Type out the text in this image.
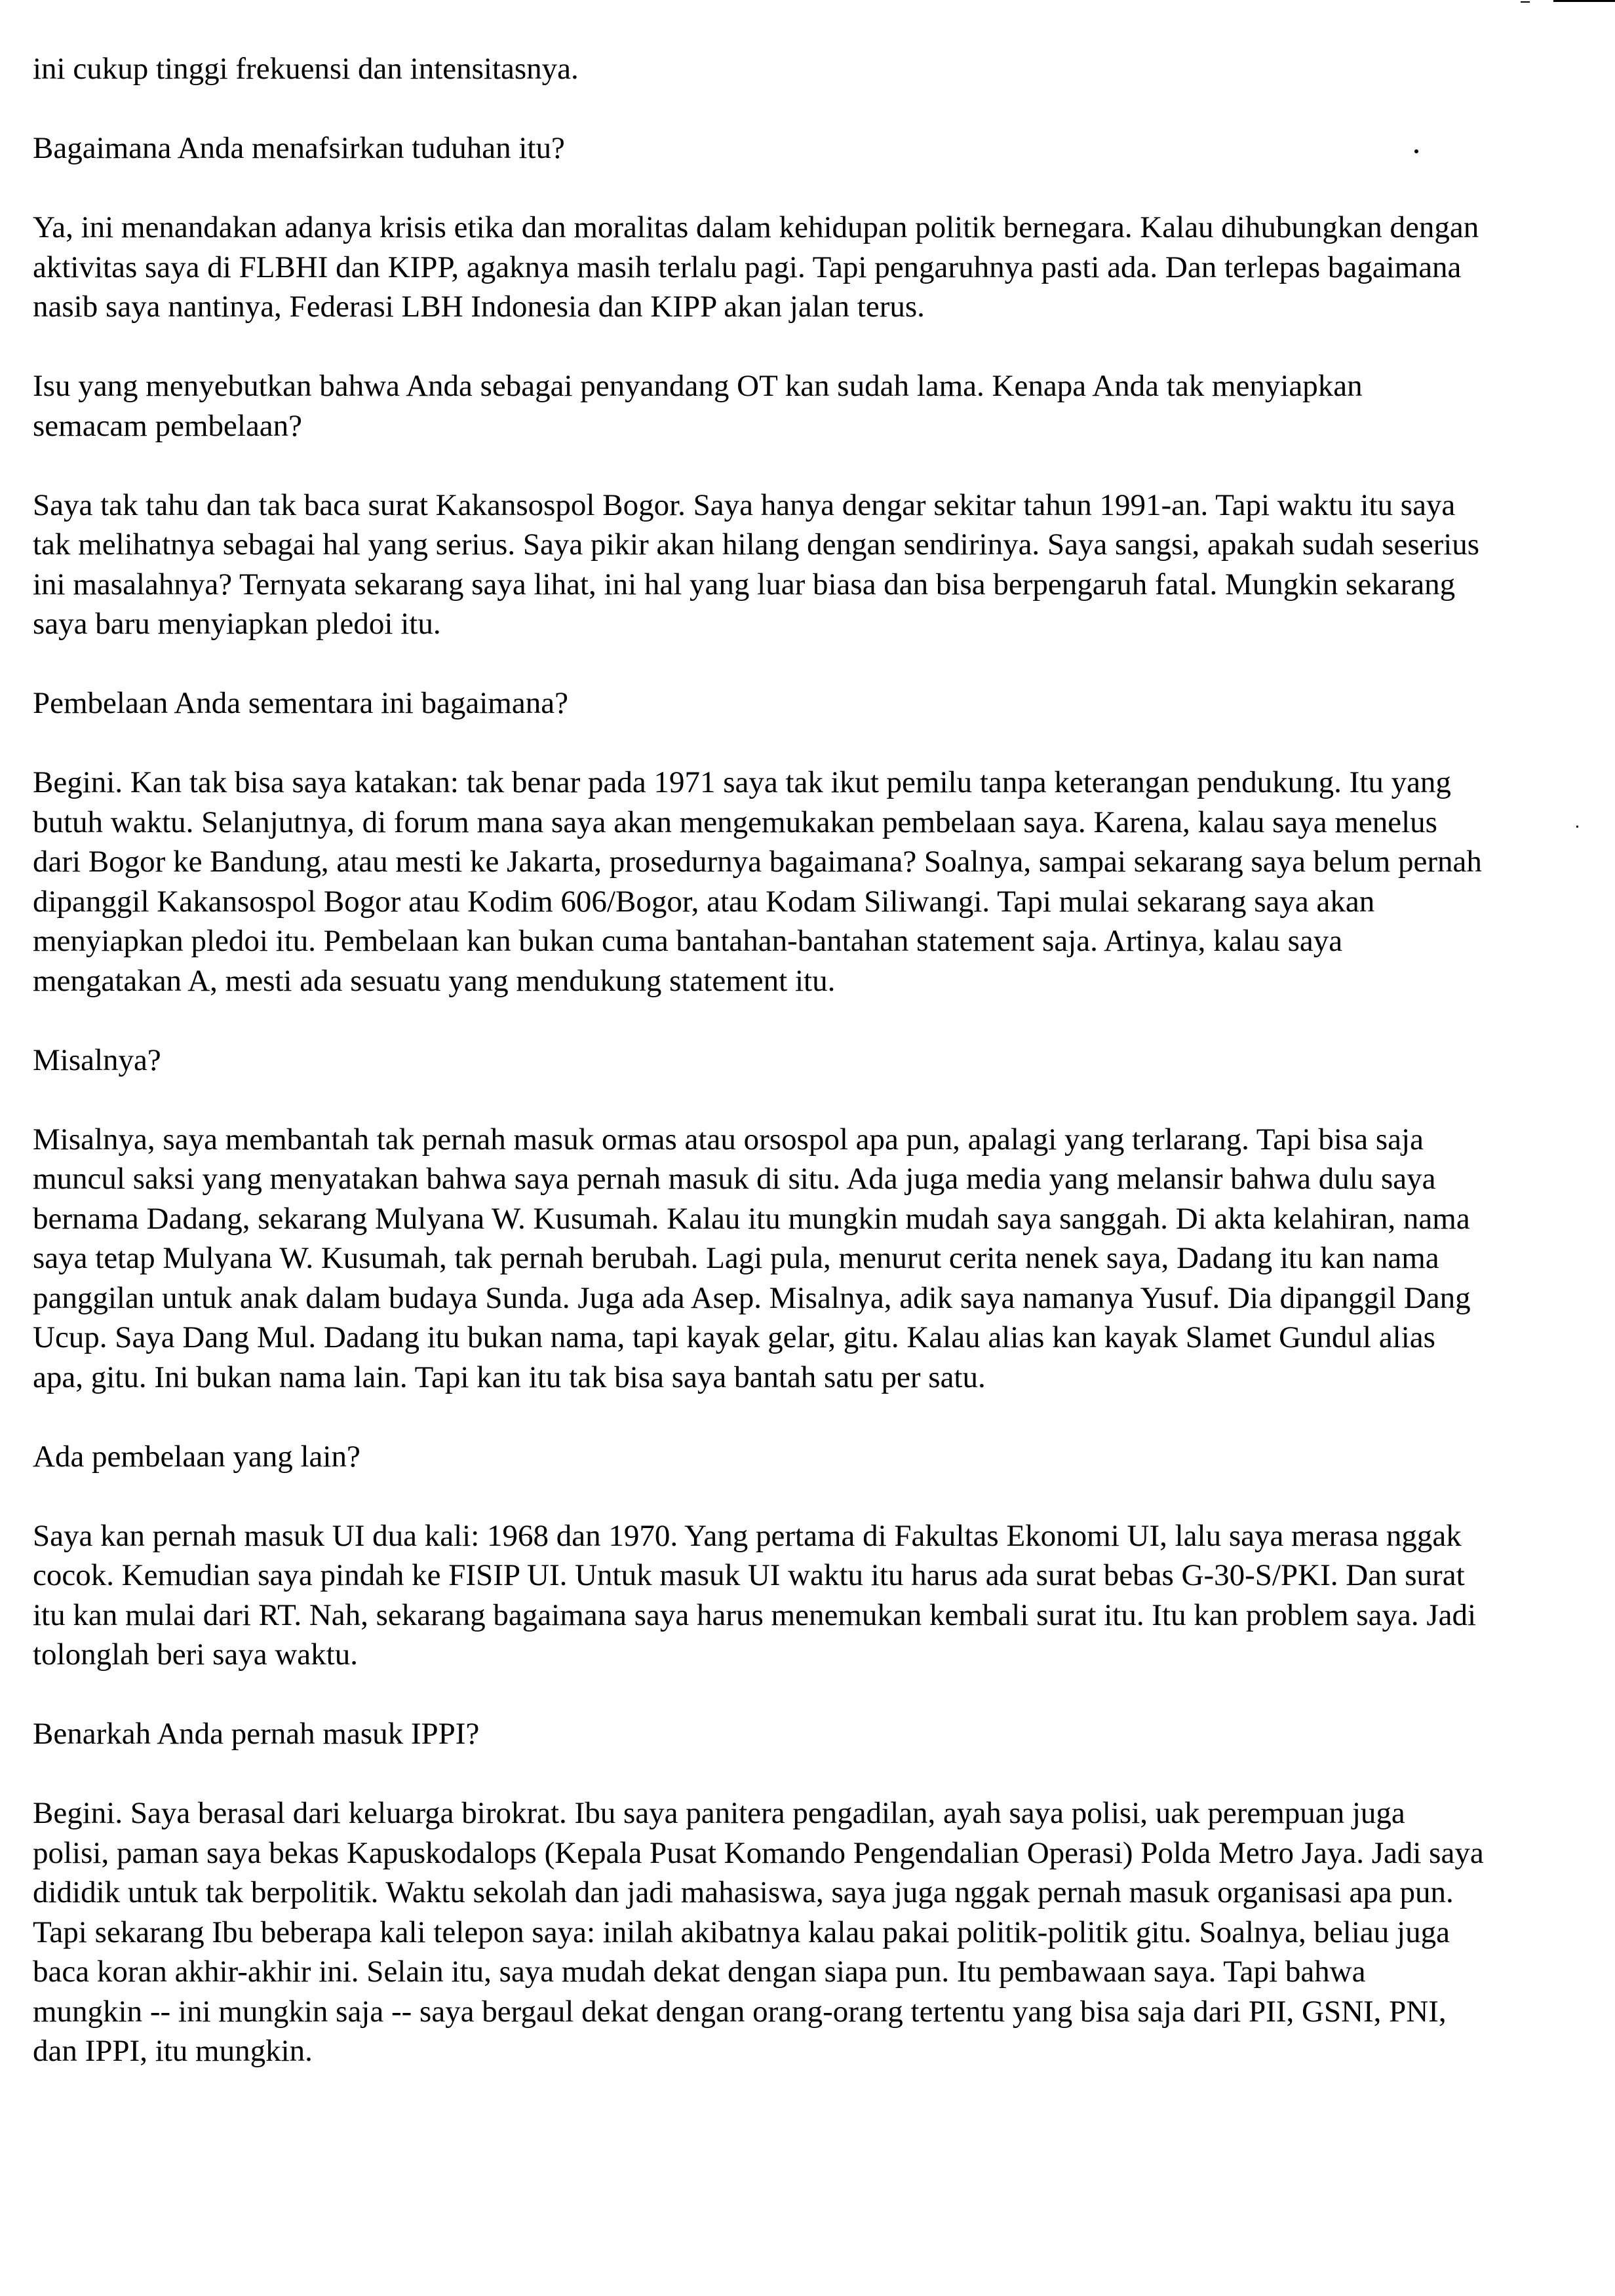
ini cukup tinggi frekuensi dan intensitasnya.
Bagaimana Anda menafsirkan tuduhan itu?
Ya, ini menandakan adanya krisis etika dan moralitas dalam kehidupan politik bernegara. Kalau dihubungkan dengan
aktivitas saya di FLBHI dan KIPP, agaknya masih terlalu pagi. Tapi pengaruhnya pasti ada. Dan terlepas bagaimana
nasib saya nantinya, Federasi LBH Indonesia dan KIPP akan jalan terus.
Isu yang menyebutkan bahwa Anda sebagai penyandang OT kan sudah lama. Kenapa Anda tak menyiapkan
semacam pembelaan?
Saya tak tahu dan tak baca surat Kakansospol Bogor. Saya hanya dengar sekitar tahun 1991-an. Tapi waktu itu saya
tak melihatnya sebagai hal yang serius. Saya pikir akan hilang dengan sendirinya. Saya sangsi, apakah sudah seserius
ini masalahnya? Ternyata sekarang saya lihat, ini hal yang luar biasa dan bisa berpengaruh fatal. Mungkin sekarang
saya baru menyiapkan pledoi itu.
Pembelaan Anda sementara ini bagaimana?
Begini. Kan tak bisa saya katakan: tak benar pada 1971 saya tak ikut pemilu tanpa keterangan pendukung. Itu yang
butuh waktu. Selanjutnya, di forum mana saya akan mengemukakan pembelaan saya. Karena, kalau saya menelus
dari Bogor ke Bandung, atau mesti ke Jakarta, prosedurnya bagaimana? Soalnya, sampai sekarang saya belum pernah
dipanggil Kakansospol Bogor atau Kodim 606/Bogor, atau Kodam Siliwangi. Tapi mulai sekarang saya akan
menyiapkan pledoi itu. Pembelaan kan bukan cuma bantahan-bantahan statement saja. Artinya, kalau saya
mengatakan A, mesti ada sesuatu yang mendukung statement itu.
Misalnya?
Misalnya, saya membantah tak pernah masuk ormas atau orsospol apa pun, apalagi yang terlarang. Tapi bisa saja
muncul saksi yang menyatakan bahwa saya pernah masuk di situ. Ada juga media yang melansir bahwa dulu saya
bernama Dadang, sekarang Mulyana W. Kusumah. Kalau itu mungkin mudah saya sanggah. Di akta kelahiran, nama
saya tetap Mulyana W. Kusumah, tak pernah berubah. Lagi pula, menurut cerita nenek saya, Dadang itu kan nama
panggilan untuk anak dalam budaya Sunda. Juga ada Asep. Misalnya, adik saya namanya Yusuf. Dia dipanggil Dang
Ucup. Saya Dang Mul. Dadang itu bukan nama, tapi kayak gelar, gitu. Kalau alias kan kayak Slamet Gundul alias
apa, gitu. Ini bukan nama lain. Tapi kan itu tak bisa saya bantah satu per satu.
Ada pembelaan yang lain?
Saya kan pernah masuk UI dua kali: 1968 dan 1970. Yang pertama di Fakultas Ekonomi UI, lalu saya merasa nggak
cocok. Kemudian saya pindah ke FISIP UI. Untuk masuk UI waktu itu harus ada surat bebas G-30-S/PKI. Dan surat
itu kan mulai dari RT. Nah, sekarang bagaimana saya harus menemukan kembali surat itu. Itu kan problem saya. Jadi
tolonglah beri saya waktu.
Benarkah Anda pernah masuk IPPI?
Begini. Saya berasal dari keluarga birokrat. Ibu saya panitera pengadilan, ayah saya polisi, uak perempuan juga
polisi, paman saya bekas Kapuskodalops (Kepala Pusat Komando Pengendalian Operasi) Polda Metro Jaya. Jadi saya
dididik untuk tak berpolitik. Waktu sekolah dan jadi mahasiswa, saya juga nggak pernah masuk organisasi apa pun.
Tapi sekarang Ibu beberapa kali telepon saya: inilah akibatnya kalau pakai politik-politik gitu. Soalnya, beliau juga
baca koran akhir-akhir ini. Selain itu, saya mudah dekat dengan siapa pun. Itu pembawaan saya. Tapi bahwa
mungkin -- ini mungkin saja -- saya bergaul dekat dengan orang-orang tertentu yang bisa saja dari PII, GSNI, PNI,
dan IPPI, itu mungkin.
